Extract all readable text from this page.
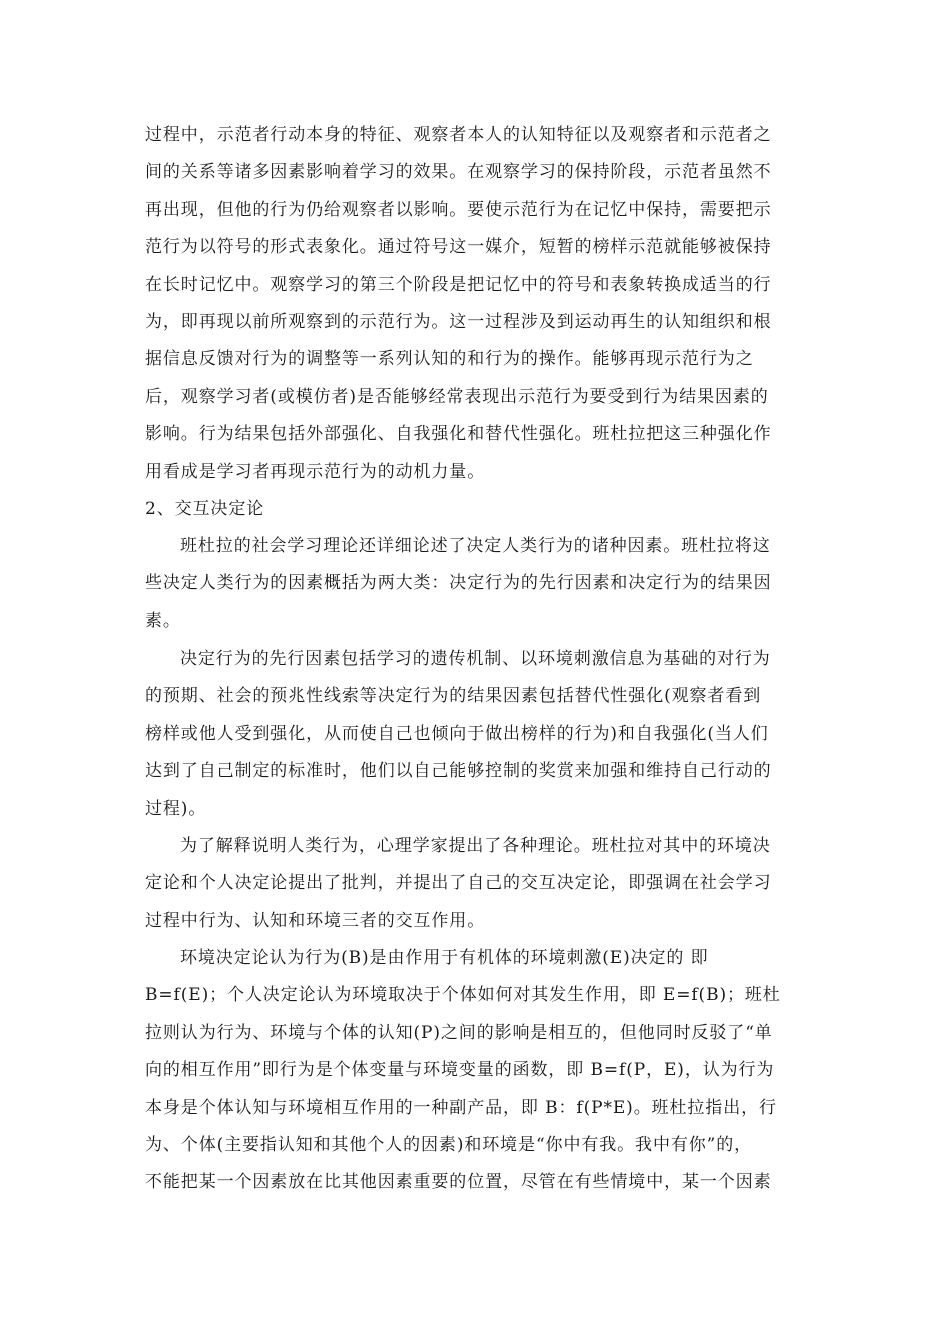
过程中，示范者行动本身的特征、观察者本人的认知特征以及观察者和示范者之
间的关系等诸多因素影响着学习的效果。在观察学习的保持阶段，示范者虽然不
再出现，但他的行为仍给观察者以影响。要使示范行为在记忆中保持，需要把示
范行为以符号的形式表象化。通过符号这一媒介，短暂的榜样示范就能够被保持
在长时记忆中。观察学习的第三个阶段是把记忆中的符号和表象转换成适当的行
为，即再现以前所观察到的示范行为。这一过程涉及到运动再生的认知组织和根
据信息反馈对行为的调整等一系列认知的和行为的操作。能够再现示范行为之
后，观察学习者(或模仿者)是否能够经常表现出示范行为要受到行为结果因素的
影响。行为结果包括外部强化、自我强化和替代性强化。班杜拉把这三种强化作
用看成是学习者再现示范行为的动机力量。
2、交互决定论
班杜拉的社会学习理论还详细论述了决定人类行为的诸种因素。班杜拉将这
些决定人类行为的因素概括为两大类：决定行为的先行因素和决定行为的结果因
素。
决定行为的先行因素包括学习的遗传机制、以环境刺激信息为基础的对行为
的预期、社会的预兆性线索等决定行为的结果因素包括替代性强化(观察者看到
榜样或他人受到强化，从而使自己也倾向于做出榜样的行为)和自我强化(当人们
达到了自己制定的标准时，他们以自己能够控制的奖赏来加强和维持自己行动的
过程)。
为了解释说明人类行为，心理学家提出了各种理论。班杜拉对其中的环境决
定论和个人决定论提出了批判，并提出了自己的交互决定论，即强调在社会学习
过程中行为、认知和环境三者的交互作用。
环境决定论认为行为(B)是由作用于有机体的环境刺激(E)决定的 即
B=f(E)；个人决定论认为环境取决于个体如何对其发生作用，即 E=f(B)；班杜
拉则认为行为、环境与个体的认知(P)之间的影响是相互的，但他同时反驳了“单
向的相互作用”即行为是个体变量与环境变量的函数，即 B=f(P，E)，认为行为
本身是个体认知与环境相互作用的一种副产品，即 B：f(P*E)。班杜拉指出，行
为、个体(主要指认知和其他个人的因素)和环境是“你中有我。我中有你”的，
不能把某一个因素放在比其他因素重要的位置，尽管在有些情境中，某一个因素
